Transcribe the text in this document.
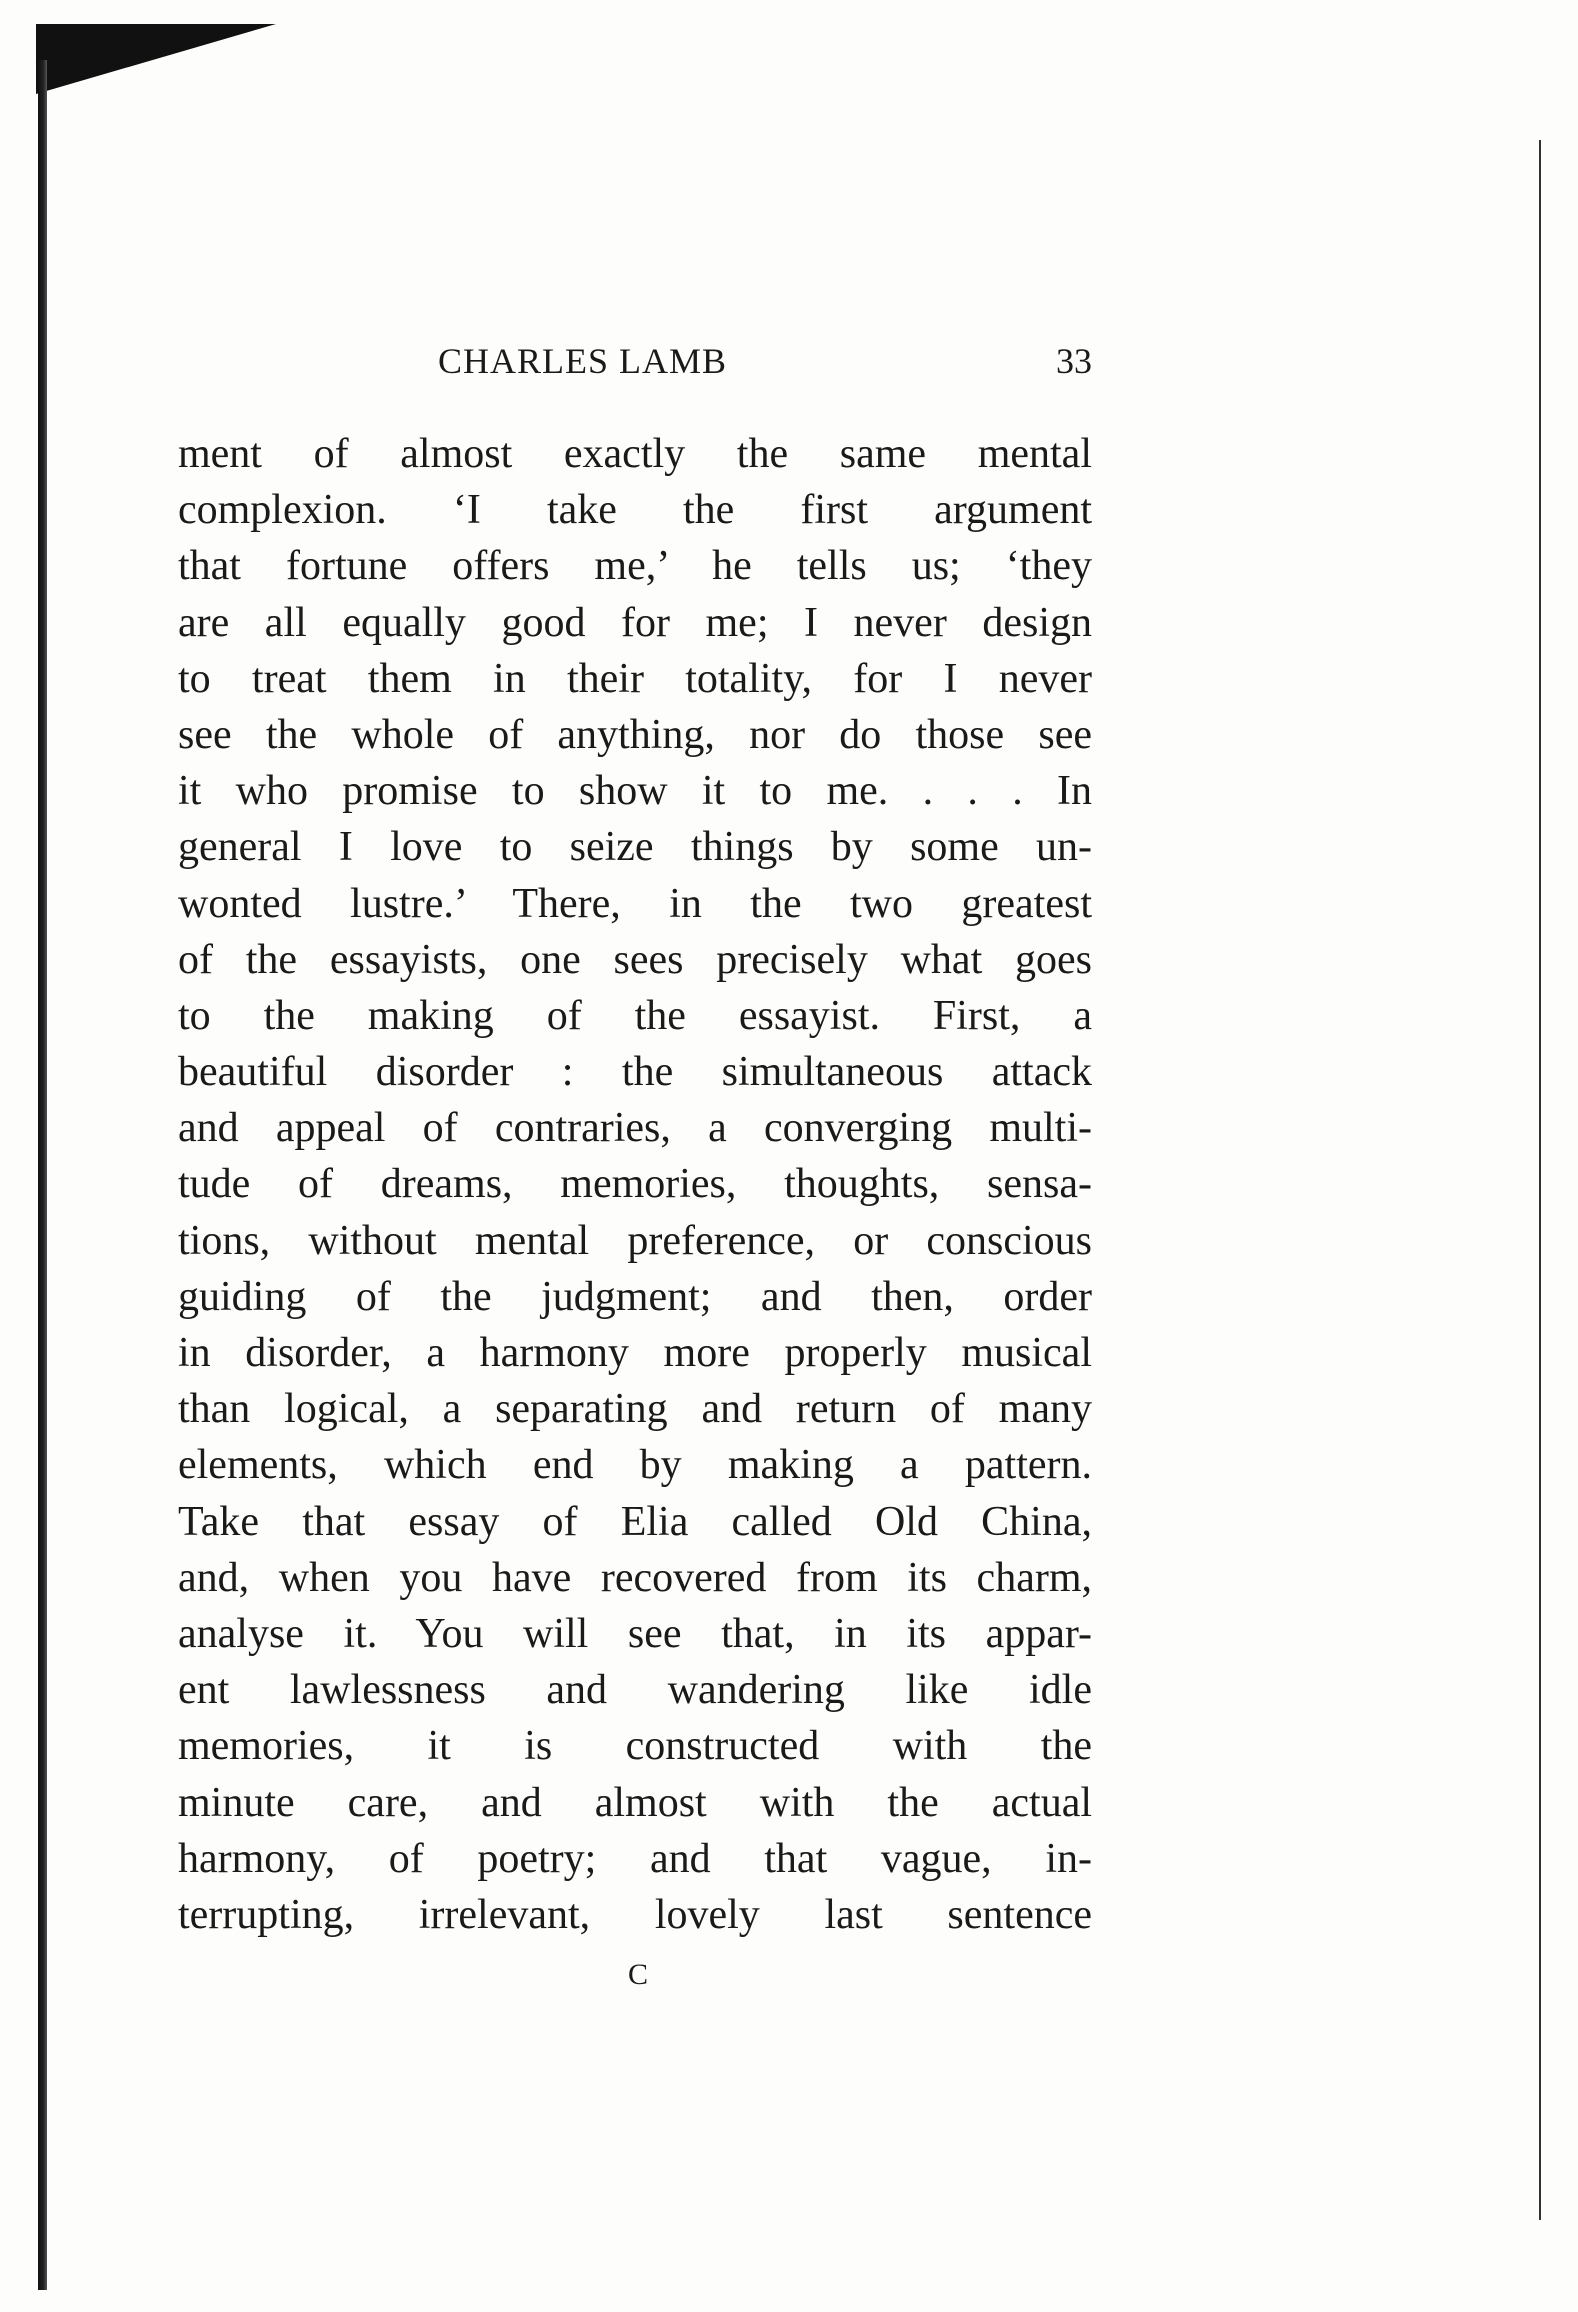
CHARLES LAMB	33
ment of almost exactly the same mental
complexion. ‘I take the first argument
that fortune offers me,’ he tells us; ‘they
are all equally good for me; I never design
to treat them in their totality, for I never
see the whole of anything, nor do those see
it who promise to show it to me. . . . In
general I love to seize things by some un-
wonted lustre.’ There, in the two greatest
of the essayists, one sees precisely what goes
to the making of the essayist. First, a
beautiful disorder : the simultaneous attack
and appeal of contraries, a converging multi-
tude of dreams, memories, thoughts, sensa-
tions, without mental preference, or conscious
guiding of the judgment; and then, order
in disorder, a harmony more properly musical
than logical, a separating and return of many
elements, which end by making a pattern.
Take that essay of Elia called Old China,
and, when you have recovered from its charm,
analyse it. You will see that, in its appar-
ent lawlessness and wandering like idle
memories, it is constructed with the
minute care, and almost with the actual
harmony, of poetry; and that vague, in-
terrupting, irrelevant, lovely last sentence
C
